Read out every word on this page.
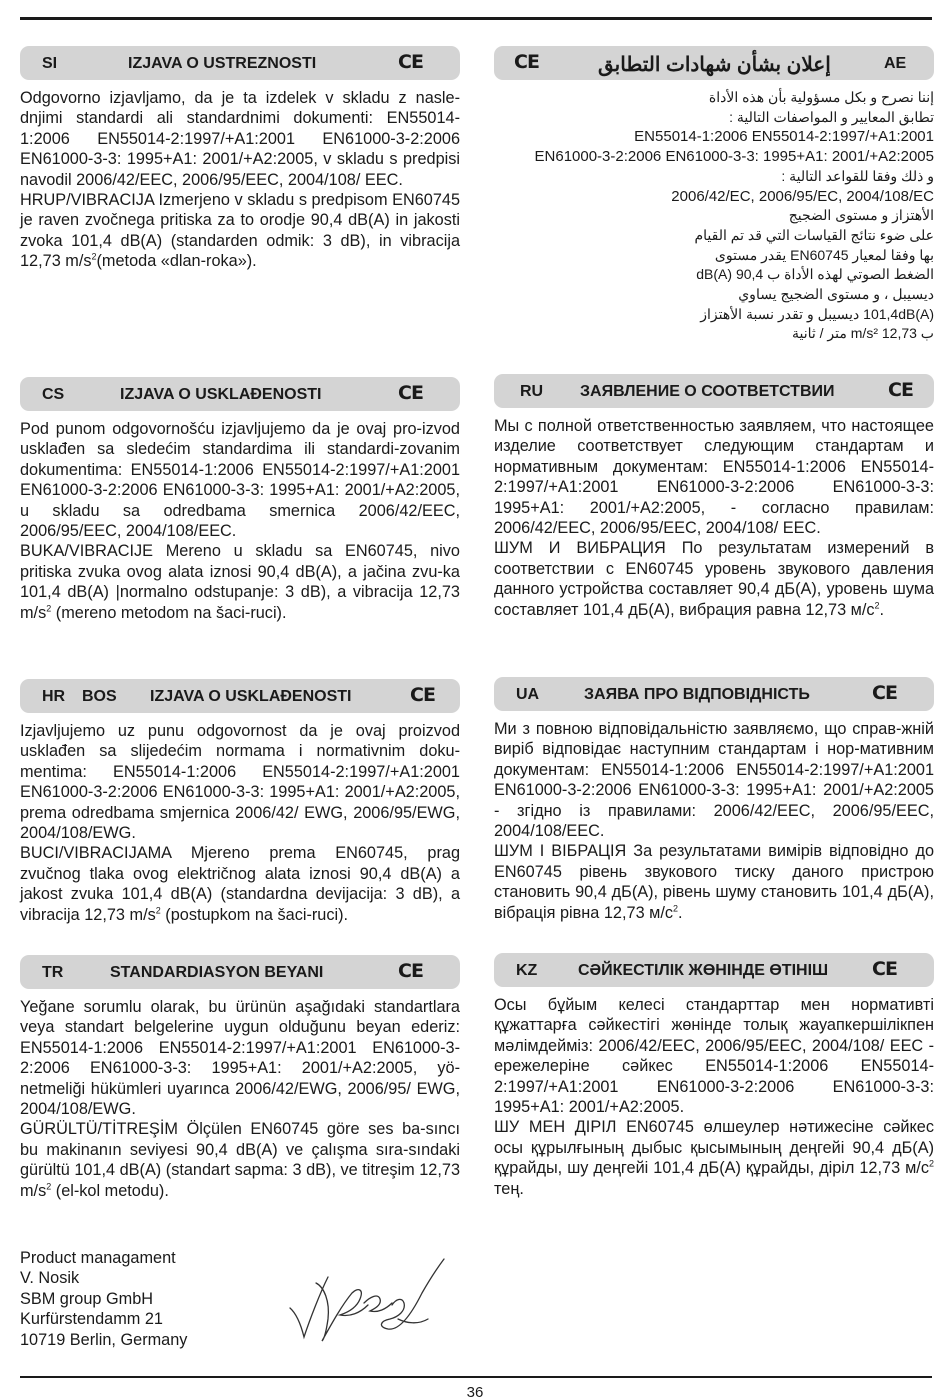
SI	IZJAVA O USTREZNOSTI	CE

Odgovorno izjavljamo, da je ta izdelek v skladu z nasle-dnjimi standardi ali standardnimi dokumenti: EN55014-1:2006 EN55014-2:1997/+A1:2001 EN61000-3-2:2006 EN61000-3-3: 1995+A1: 2001/+A2:2005, v skladu s predpisi navodil 2006/42/EEC, 2006/95/EEC, 2004/108/ EEC.

HRUP/VIBRACIJA Izmerjeno v skladu s predpisom EN60745 je raven zvočnega pritiska za to orodje 90,4 dB(A) in jakosti zvoka 101,4 dB(A) (standarden odmik: 3 dB), in vibracija 12,73 $m/s^2(metoda$ «dlan-roka»).

CE	إعلان بشأن شهادات التطابق	AE
إننا نصرح و بكل مسؤولية بأن هذه الأداة
تطابق المعايير و المواصفات التالية :
EN55014-1:2006 EN55014-2:1997/+A1:2001
EN61000-3-2:2006 EN61000-3-3: 1995+A1: 2001/+A2:2005
و ذلك وفقا للقواعد التالية :
2006/42/EC, 2006/95/EC, 2004/108/EC
الأهتزاز و مستوى الضجيج
على ضوء نتائج القياسات التي قد تم القيام
بها وفقا لمعيار EN60745 يقدر مستوى
الضغط الصوتي لهذه الأداة ب 90,4 dB(A)
ديسيبل ، و مستوى الضجيج يساوي
101,4dB(A) ديسيبل و تقدر نسبة الأهتزاز
ب 12,73 m/s² متر / ثانية
CS	IZJAVA O USKLAĐENOSTI	CE

Pod punom odgovornošću izjavljujemo da je ovaj pro-izvod usklađen sa sledećim standardima ili standardi-zovanim dokumentima: EN55014-1:2006 EN55014-2:1997/+A1:2001 EN61000-3-2:2006 EN61000-3-3: 1995+A1: 2001/+A2:2005, u skladu sa odredbama smernica 2006/42/EEC, 2006/95/EEC, 2004/108/EEC.

BUKA/VIBRACIJE Mereno u skladu sa EN60745, nivo pritiska zvuka ovog alata iznosi 90,4 dB(A), a jačina zvu-ka 101,4 dB(A) |normalno odstupanje: 3 dB), a vibracija 12,73 $m/s^2$ (mereno metodom na šaci-ruci).

RU ЗАЯВЛЕНИЕ О СООТВЕТСТВИИ	CE

Мы с полной ответственностью заявляем, что настоящее изделие соответствует следующим стандартам и нормативным документам: EN55014-1:2006 EN55014-2:1997/+A1:2001 EN61000-3-2:2006 EN61000-3-3: 1995+A1: 2001/+A2:2005, - согласно правилам: 2006/42/EEC, 2006/95/EEC, 2004/108/ EEC.

ШУМ И ВИБРАЦИЯ По результатам измерений в соответствии с EN60745 уровень звукового давления данного устройства составляет 90,4 дБ(A), уровень шума составляет 101,4 дБ(A), вибрация равна 12,73 $м/с^2$.

HR BOS IZJAVA O USKLAĐENOSTI	CE

Izjavljujemo uz punu odgovornost da je ovaj proizvod usklađen sa slijedećim normama i normativnim doku-mentima: EN55014-1:2006 EN55014-2:1997/+A1:2001 EN61000-3-2:2006 EN61000-3-3: 1995+A1: 2001/+A2:2005, prema odredbama smjernica 2006/42/ EWG, 2006/95/EWG, 2004/108/EWG.

BUCI/VIBRACIJAMA Mjereno prema EN60745, prag zvučnog tlaka ovog električnog alata iznosi 90,4 dB(A) a jakost zvuka 101,4 dB(A) (standardna devijacija: 3 dB), a vibracija 12,73 $m/s^2$ (postupkom na šaci-ruci).

UA	ЗАЯВА ПРО ВІДПОВІДНІСТЬ	CE

Ми з повною відповідальністю заявляємо, що справ-жній виріб відповідає наступним стандартам і нор-мативним документам: EN55014-1:2006 EN55014-2:1997/+A1:2001 EN61000-3-2:2006 EN61000-3-3: 1995+A1: 2001/+A2:2005 - згідно із правилами: 2006/42/EEC, 2006/95/EEC, 2004/108/EEC.

ШУМ І ВІБРАЦІЯ За результатами вимірів відповідно до EN60745 рівень звукового тиску даного пристрою становить 90,4 дБ(A), рівень шуму становить 101,4 дБ(A), вібрація рівна 12,73 $м/с^2$.

TR	STANDARDIASYON BEYANI	CE

Yeğane sorumlu olarak, bu ürünün aşağıdaki standartlara veya standart belgelerine uygun olduğunu beyan ederiz: EN55014-1:2006 EN55014-2:1997/+A1:2001 EN61000-3-2:2006 EN61000-3-3: 1995+A1: 2001/+A2:2005, yö-netmeliği hükümleri uyarınca 2006/42/EWG, 2006/95/ EWG, 2004/108/EWG.

GÜRÜLTÜ/TİTREŞİM Ölçülen EN60745 göre ses ba-sıncı bu makinanın seviyesi 90,4 dB(A) ve çalışma sıra-sındaki gürültü 101,4 dB(A) (standart sapma: 3 dB), ve titreşim 12,73 $m/s^2$ (el-kol metodu).

KZ	СӘЙКЕСТІЛІК ЖӨНІНДЕ ӨТІНІШ CE

Осы бұйым келесі стандарттар мен нормативті құжаттарға сәйкестігі жөнінде толық жауапкершілікпен мәлімдейміз: 2006/42/EEC, 2006/95/EEC, 2004/108/ EEC - ережелеріне сәйкес EN55014-1:2006 EN55014-2:1997/+A1:2001 EN61000-3-2:2006 EN61000-3-3: 1995+A1: 2001/+A2:2005.

ШУ МЕН ДІРІЛ EN60745 өлшеулер нәтижесіне сәйкес осы құрылғының дыбыс қысымының деңгейі 90,4 дБ(A) құрайды, шу деңгейі 101,4 дБ(A) құрайды, діріл 12,73 $м/с^2$ тең.

Product managament
V. Nosik
SBM group GmbH
Kurfürstendamm 21
10719 Berlin, Germany
36
